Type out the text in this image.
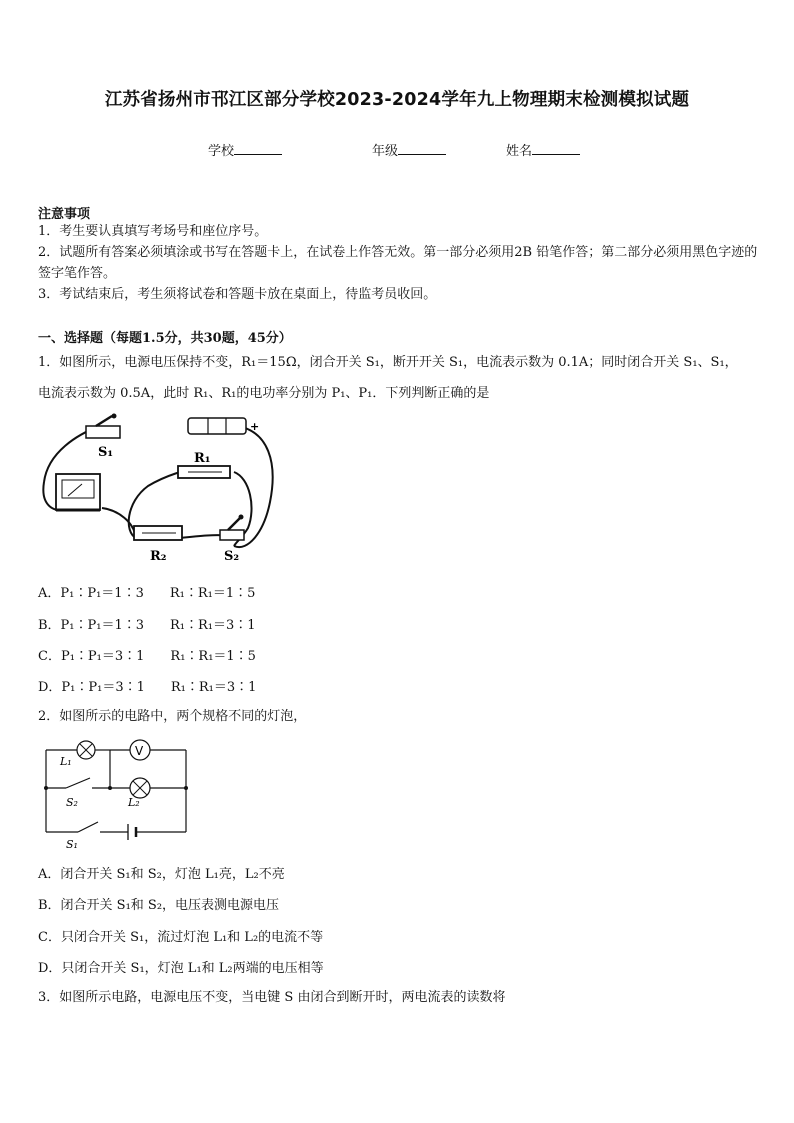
江苏省扬州市邗江区部分学校2023-2024学年九上物理期末检测模拟试题
学校	年级	姓名
注意事项
1．考生要认真填写考场号和座位序号。
2．试题所有答案必须填涂或书写在答题卡上，在试卷上作答无效。第一部分必须用2B 铅笔作答；第二部分必须用黑色字迹的签字笔作答。
3．考试结束后，考生须将试卷和答题卡放在桌面上，待监考员收回。
一、选择题（每题1.5分，共30题，45分）
1．如图所示，电源电压保持不变，R₁＝15Ω，闭合开关 S₁，断开开关 S₁，电流表示数为 0.1A；同时闭合开关 S₁、S₁，
电流表示数为 0.5A，此时 R₁、R₁的电功率分别为 P₁、P₁．下列判断正确的是
S₁	R₁
R₂	S₂
+
A．P₁∶P₁＝1∶3　　R₁∶R₁＝1∶5
B．P₁∶P₁＝1∶3　　R₁∶R₁＝3∶1
C．P₁∶P₁＝3∶1　　R₁∶R₁＝1∶5
D．P₁∶P₁＝3∶1　　R₁∶R₁＝3∶1
2．如图所示的电路中，两个规格不同的灯泡，
V
L₁
S₂	L₂
S₁
A．闭合开关 S₁和 S₂，灯泡 L₁亮，L₂不亮
B．闭合开关 S₁和 S₂，电压表测电源电压
C．只闭合开关 S₁，流过灯泡 L₁和 L₂的电流不等
D．只闭合开关 S₁，灯泡 L₁和 L₂两端的电压相等
3．如图所示电路，电源电压不变，当电键 S 由闭合到断开时，两电流表的读数将
